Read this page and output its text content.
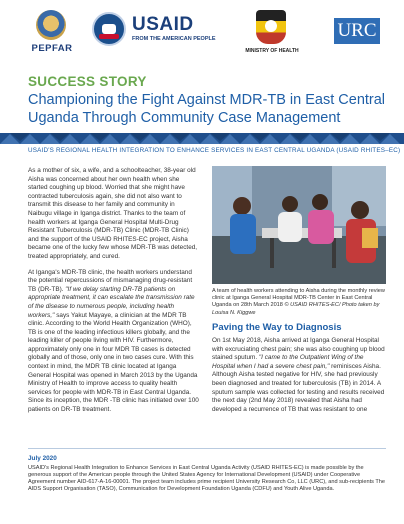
PEPFAR
USAID
FROM THE AMERICAN PEOPLE
MINISTRY OF HEALTH
URC
SUCCESS STORY
Championing the Fight Against MDR-TB in East Central Uganda Through Community Case Management
USAID'S REGIONAL HEALTH INTEGRATION TO ENHANCE SERVICES IN EAST CENTRAL UGANDA (USAID RHITES–EC)

As a mother of six, a wife, and a schoolteacher, 38-year old Aisha was concerned about her own health when she started coughing up blood. Worried that she might have contracted tuberculosis again, she did not also want to transmit this disease to her family and community in Naibugu village in Iganga district. Thanks to the team of health workers at Iganga General Hospital Multi-Drug Resistant Tuberculosis (MDR-TB) Clinic (MDR-TB Clinic) and the support of the USAID RHITES-EC project, Aisha became one of the lucky few whose MDR-TB was detected, treated appropriately, and cured.

At Iganga's MDR-TB clinic, the health workers understand the potential repercussions of mismanaging drug-resistant TB (DR-TB). "If we delay starting DR-TB patients on appropriate treatment, it can escalate the transmission rate of the disease to numerous people, including health workers," says Yakut Mayaye, a clinician at the MDR TB clinic. According to the World Health Organization (WHO), TB is one of the leading infectious killers globally, and the leading killer of people living with HIV. Furthermore, approximately only one in four MDR TB cases is detected globally and of those, only one in two cases cure. With this context in mind, the MDR TB clinic located at Iganga General Hospital was opened in March 2013 by the Uganda Ministry of Health to improve access to quality health services for people with MDR-TB in East Central Uganda. Since its inception, the MDR -TB clinic has initiated over 100 patients on DR-TB treatment.

A team of health workers attending to Aisha during the monthly review clinic at Iganga General Hospital MDR-TB Center in East Central Uganda on 28th March 2018 © USAID RHITES-EC/ Photo taken by Louisa N. Kiggwe
Paving the Way to Diagnosis
On 1st May 2018, Aisha arrived at Iganga General Hospital with excruciating chest pain; she was also coughing up blood stained sputum. "I came to the Outpatient Wing of the Hospital when I had a severe chest pain," reminisces Aisha. Although Aisha tested negative for HIV, she had previously been diagnosed and treated for tuberculosis (TB) in 2014. A sputum sample was collected for testing and results received the next day (2nd May 2018) revealed that Aisha had developed a recurrence of TB that was resistant to one
July 2020
USAID's Regional Health Integration to Enhance Services in East Central Uganda Activity (USAID RHITES-EC) is made possible by the generous support of the American people through the United States Agency for International Development (USAID) under Cooperative Agreement number AID-617-A-16-00001. The project team includes prime recipient University Research Co, LLC (URC), and sub-recipients The AIDS Support Organisation (TASO), Communication for Development Foundation Uganda (CDFU) and Youth Alive Uganda.
